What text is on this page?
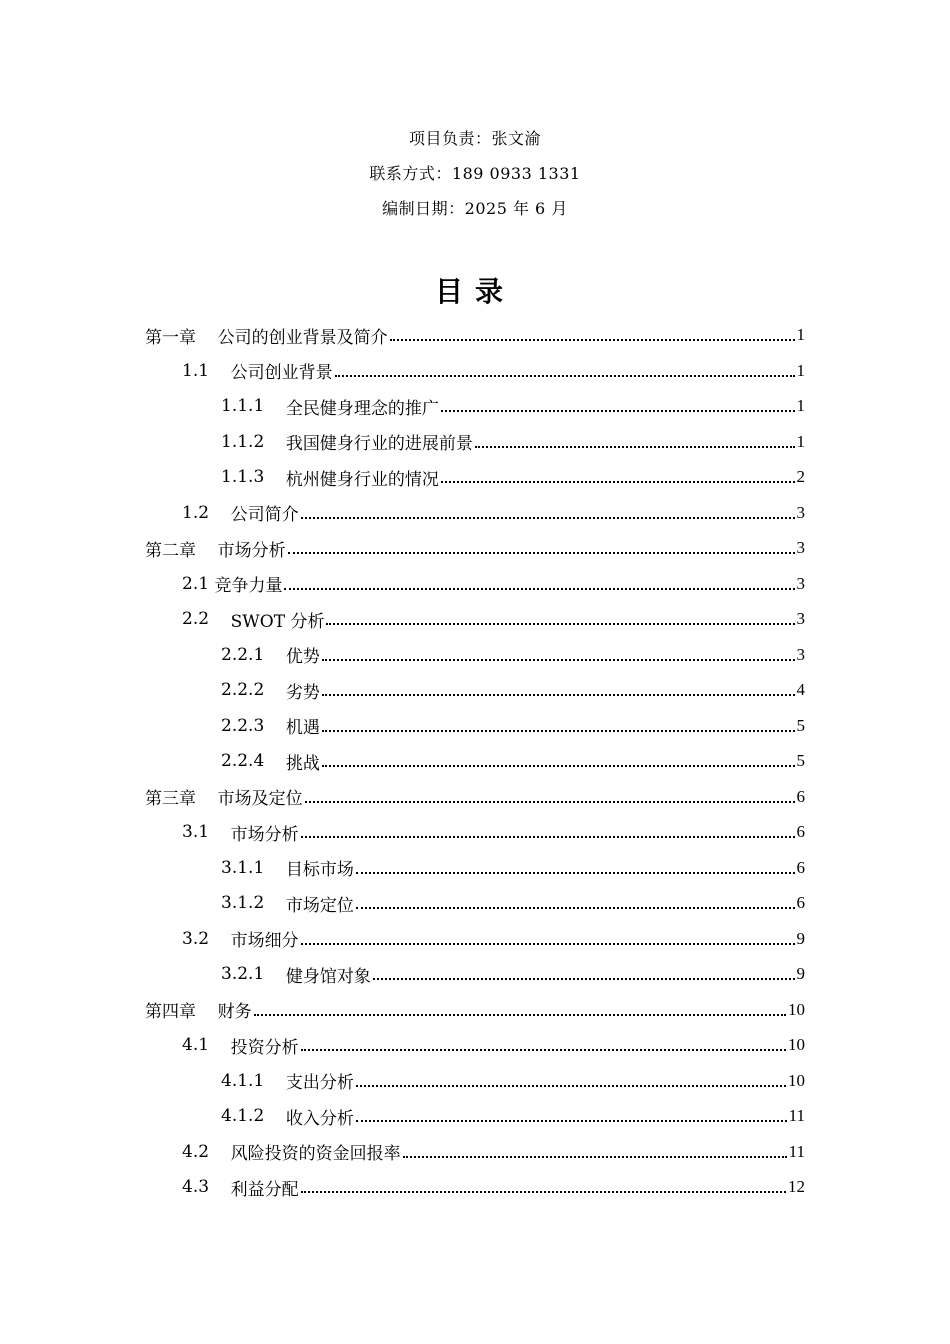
项目负责：张文渝
联系方式：189 0933 1331
编制日期：2025 年 6 月
目录
第一章 公司的创业背景及简介	1
1.1 公司创业背景	1
1.1.1 全民健身理念的推广	1
1.1.2 我国健身行业的进展前景	1
1.1.3 杭州健身行业的情况	2
1.2 公司简介	3
第二章 市场分析	3
2.1 竞争力量	3
2.2 SWOT 分析	3
2.2.1 优势	3
2.2.2 劣势	4
2.2.3 机遇	5
2.2.4 挑战	5
第三章 市场及定位	6
3.1 市场分析	6
3.1.1 目标市场	6
3.1.2 市场定位	6
3.2 市场细分	9
3.2.1 健身馆对象	9
第四章 财务	10
4.1 投资分析	10
4.1.1 支出分析	10
4.1.2 收入分析	11
4.2 风险投资的资金回报率	11
4.3 利益分配	12
